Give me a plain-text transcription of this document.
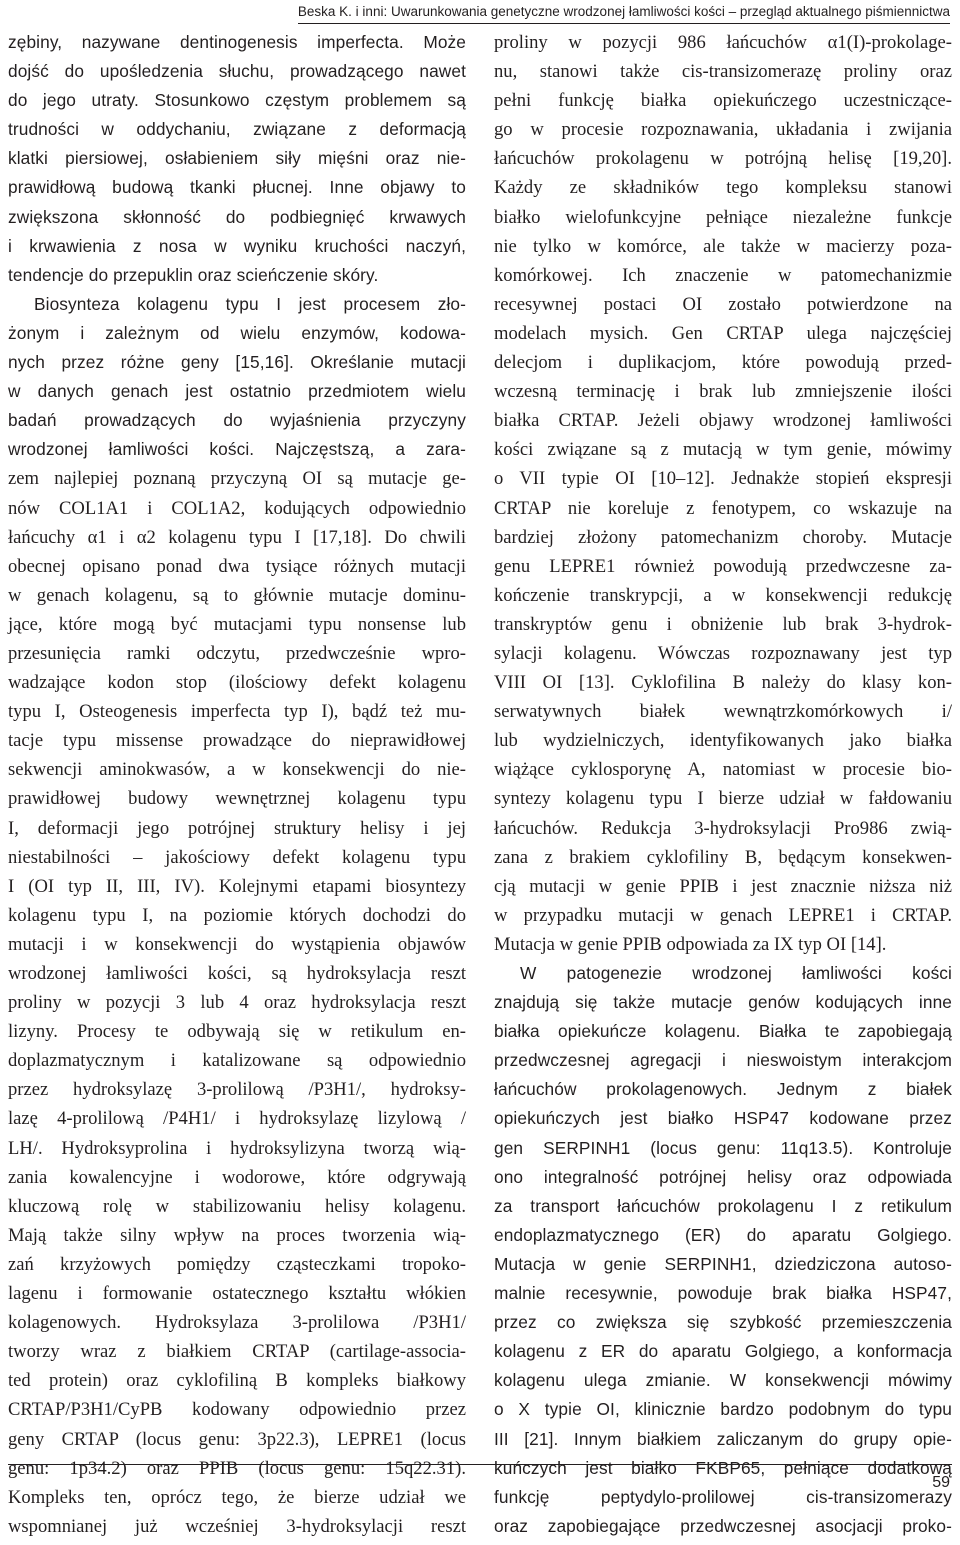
Beska K. i inni: Uwarunkowania genetyczne wrodzonej łamliwości kości – przegląd aktualnego piśmiennictwa
zębiny, nazywane dentinogenesis imperfecta. Może
dojść do upośledzenia słuchu, prowadzącego nawet
do jego utraty. Stosunkowo częstym problemem są
trudności w oddychaniu, związane z deformacją
klatki piersiowej, osłabieniem siły mięśni oraz nie-
prawidłową budową tkanki płucnej. Inne objawy to
zwiększona skłonność do podbiegnięć krwawych
i krwawienia z nosa w wyniku kruchości naczyń,
tendencje do przepuklin oraz scieńczenie skóry.
Biosynteza kolagenu typu I jest procesem zło-
żonym i zależnym od wielu enzymów, kodowa-
nych przez różne geny [15,16]. Określanie mutacji
w danych genach jest ostatnio przedmiotem wielu
badań prowadzących do wyjaśnienia przyczyny
wrodzonej łamliwości kości. Najczęstszą, a zara-
zem najlepiej poznaną przyczyną OI są mutacje ge-
nów COL1A1 i COL1A2, kodujących odpowiednio
łańcuchy α1 i α2 kolagenu typu I [17,18]. Do chwili
obecnej opisano ponad dwa tysiące różnych mutacji
w genach kolagenu, są to głównie mutacje dominu-
jące, które mogą być mutacjami typu nonsense lub
przesunięcia ramki odczytu, przedwcześnie wpro-
wadzające kodon stop (ilościowy defekt kolagenu
typu I, Osteogenesis imperfecta typ I), bądź też mu-
tacje typu missense prowadzące do nieprawidłowej
sekwencji aminokwasów, a w konsekwencji do nie-
prawidłowej budowy wewnętrznej kolagenu typu
I, deformacji jego potrójnej struktury helisy i jej
niestabilności – jakościowy defekt kolagenu typu
I (OI typ II, III, IV). Kolejnymi etapami biosyntezy
kolagenu typu I, na poziomie których dochodzi do
mutacji i w konsekwencji do wystąpienia objawów
wrodzonej łamliwości kości, są hydroksylacja reszt
proliny w pozycji 3 lub 4 oraz hydroksylacja reszt
lizyny. Procesy te odbywają się w retikulum en-
doplazmatycznym i katalizowane są odpowiednio
przez hydroksylazę 3-prolilową /P3H1/, hydroksy-
lazę 4-prolilową /P4H1/ i hydroksylazę lizylową /
LH/. Hydroksyprolina i hydroksylizyna tworzą wią-
zania kowalencyjne i wodorowe, które odgrywają
kluczową rolę w stabilizowaniu helisy kolagenu.
Mają także silny wpływ na proces tworzenia wią-
zań krzyżowych pomiędzy cząsteczkami tropoko-
lagenu i formowanie ostatecznego kształtu włókien
kolagenowych. Hydroksylaza 3-prolilowa /P3H1/
tworzy wraz z białkiem CRTAP (cartilage-associa-
ted protein) oraz cyklofiliną B kompleks białkowy
CRTAP/P3H1/CyPB kodowany odpowiednio przez
geny CRTAP (locus genu: 3p22.3), LEPRE1 (locus
genu: 1p34.2) oraz PPIB (locus genu: 15q22.31).
Kompleks ten, oprócz tego, że bierze udział we
wspomnianej już wcześniej 3-hydroksylacji reszt
proliny w pozycji 986 łańcuchów α1(I)-prokolage-
nu, stanowi także cis-transizomerazę proliny oraz
pełni funkcję białka opiekuńczego uczestniczące-
go w procesie rozpoznawania, układania i zwijania
łańcuchów prokolagenu w potrójną helisę [19,20].
Każdy ze składników tego kompleksu stanowi
białko wielofunkcyjne pełniące niezależne funkcje
nie tylko w komórce, ale także w macierzy poza-
komórkowej. Ich znaczenie w patomechanizmie
recesywnej postaci OI zostało potwierdzone na
modelach mysich. Gen CRTAP ulega najczęściej
delecjom i duplikacjom, które powodują przed-
wczesną terminację i brak lub zmniejszenie ilości
białka CRTAP. Jeżeli objawy wrodzonej łamliwości
kości związane są z mutacją w tym genie, mówimy
o VII typie OI [10–12]. Jednakże stopień ekspresji
CRTAP nie koreluje z fenotypem, co wskazuje na
bardziej złożony patomechanizm choroby. Mutacje
genu LEPRE1 również powodują przedwczesne za-
kończenie transkrypcji, a w konsekwencji redukcję
transkryptów genu i obniżenie lub brak 3-hydrok-
sylacji kolagenu. Wówczas rozpoznawany jest typ
VIII OI [13]. Cyklofilina B należy do klasy kon-
serwatywnych białek wewnątrzkomórkowych i/
lub wydzielniczych, identyfikowanych jako białka
wiążące cyklosporynę A, natomiast w procesie bio-
syntezy kolagenu typu I bierze udział w fałdowaniu
łańcuchów. Redukcja 3-hydroksylacji Pro986 zwią-
zana z brakiem cyklofiliny B, będącym konsekwen-
cją mutacji w genie PPIB i jest znacznie niższa niż
w przypadku mutacji w genach LEPRE1 i CRTAP.
Mutacja w genie PPIB odpowiada za IX typ OI [14].
W patogenezie wrodzonej łamliwości kości
znajdują się także mutacje genów kodujących inne
białka opiekuńcze kolagenu. Białka te zapobiegają
przedwczesnej agregacji i nieswoistym interakcjom
łańcuchów prokolagenowych. Jednym z białek
opiekuńczych jest białko HSP47 kodowane przez
gen SERPINH1 (locus genu: 11q13.5). Kontroluje
ono integralność potrójnej helisy oraz odpowiada
za transport łańcuchów prokolagenu I z retikulum
endoplazmatycznego (ER) do aparatu Golgiego.
Mutacja w genie SERPINH1, dziedziczona autoso-
malnie recesywnie, powoduje brak białka HSP47,
przez co zwiększa się szybkość przemieszczenia
kolagenu z ER do aparatu Golgiego, a konformacja
kolagenu ulega zmianie. W konsekwencji mówimy
o X typie OI, klinicznie bardzo podobnym do typu
III [21]. Innym białkiem zaliczanym do grupy opie-
kuńczych jest białko FKBP65, pełniące dodatkową
funkcję peptydylo-prolilowej cis-transizomerazy
oraz zapobiegające przedwczesnej asocjacji proko-
59
